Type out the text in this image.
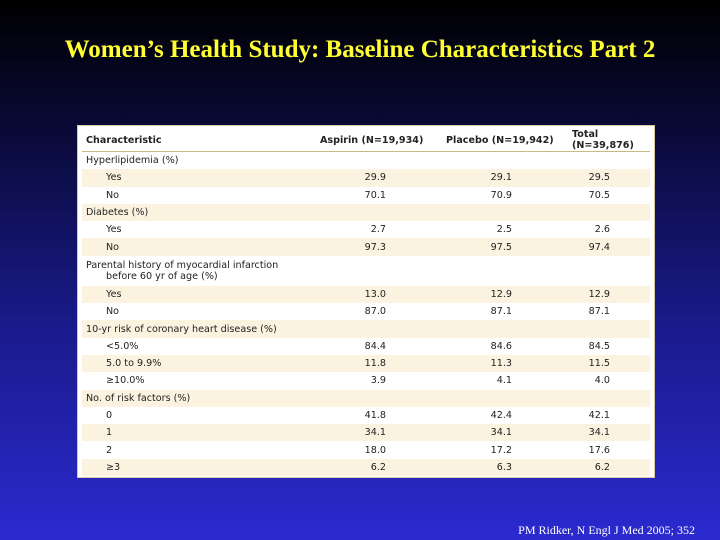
Women’s Health Study: Baseline Characteristics Part 2
Characteristic	Aspirin (N=19,934)	Placebo (N=19,942)	Total (N=39,876)
Hyperlipidemia (%)			
Yes	29.9	29.1	29.5
No	70.1	70.9	70.5
Diabetes (%)			
Yes	2.7	2.5	2.6
No	97.3	97.5	97.4
Parental history of myocardial infarction
before 60 yr of age (%)			

Yes	13.0	12.9	12.9
No	87.0	87.1	87.1
10-yr risk of coronary heart disease (%)			
<5.0%	84.4	84.6	84.5
5.0 to 9.9%	11.8	11.3	11.5
≥10.0%	3.9	4.1	4.0
No. of risk factors (%)			
0	41.8	42.4	42.1
1	34.1	34.1	34.1
2	18.0	17.2	17.6
≥3	6.2	6.3	6.2
PM Ridker, N Engl J Med 2005; 352
